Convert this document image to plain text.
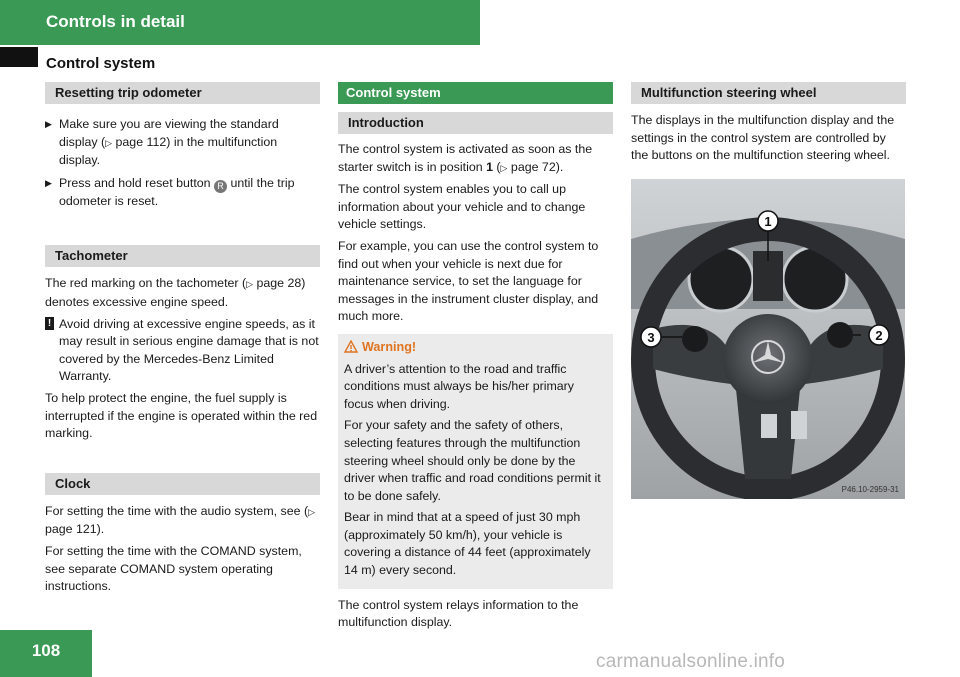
Controls in detail
Control system
Resetting trip odometer
▶ Make sure you are viewing the standard display (▷ page 112) in the multifunction display.
▶ Press and hold reset button R until the trip odometer is reset.
Tachometer

The red marking on the tachometer (▷ page 28) denotes excessive engine speed.

! Avoid driving at excessive engine speeds, as it may result in serious engine damage that is not covered by the Mercedes-Benz Limited Warranty.

To help protect the engine, the fuel supply is interrupted if the engine is operated within the red marking.

Clock

For setting the time with the audio system, see (▷ page 121).

For setting the time with the COMAND system, see separate COMAND system operating instructions.

Control system
Introduction

The control system is activated as soon as the starter switch is in position 1 (▷ page 72).

The control system enables you to call up information about your vehicle and to change vehicle settings.

For example, you can use the control system to find out when your vehicle is next due for maintenance service, to set the language for messages in the instrument cluster display, and much more.

Warning!

A driver’s attention to the road and traffic conditions must always be his/her primary focus when driving.

For your safety and the safety of others, selecting features through the multifunction steering wheel should only be done by the driver when traffic and road conditions permit it to be done safely.

Bear in mind that at a speed of just 30 mph (approximately 50 km/h), your vehicle is covering a distance of 44 feet (approximately 14 m) every second.

The control system relays information to the multifunction display.

Multifunction steering wheel

The displays in the multifunction display and the settings in the control system are controlled by the buttons on the multifunction steering wheel.

1
2
3
P46.10-2959-31
108
carmanualsonline.info
